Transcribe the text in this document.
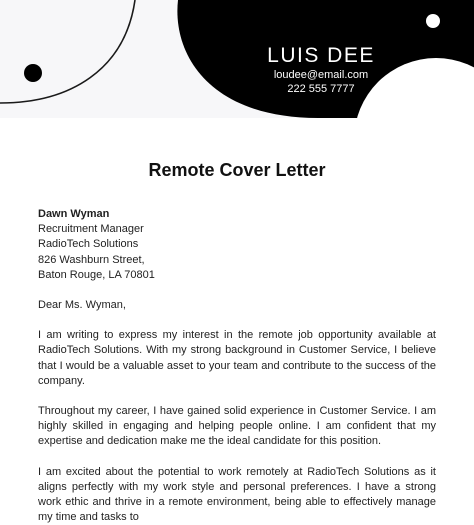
LUIS DEE
loudee@email.com
222 555 7777
Remote Cover Letter
Dawn Wyman
Recruitment Manager
RadioTech Solutions
826 Washburn Street,
Baton Rouge, LA 70801
Dear Ms. Wyman,
I am writing to express my interest in the remote job opportunity available at RadioTech Solutions. With my strong background in Customer Service, I believe that I would be a valuable asset to your team and contribute to the success of the company.
Throughout my career, I have gained solid experience in Customer Service. I am highly skilled in engaging and helping people online. I am confident that my expertise and dedication make me the ideal candidate for this position.
I am excited about the potential to work remotely at RadioTech Solutions as it aligns perfectly with my work style and personal preferences. I have a strong work ethic and thrive in a remote environment, being able to effectively manage my time and tasks to
